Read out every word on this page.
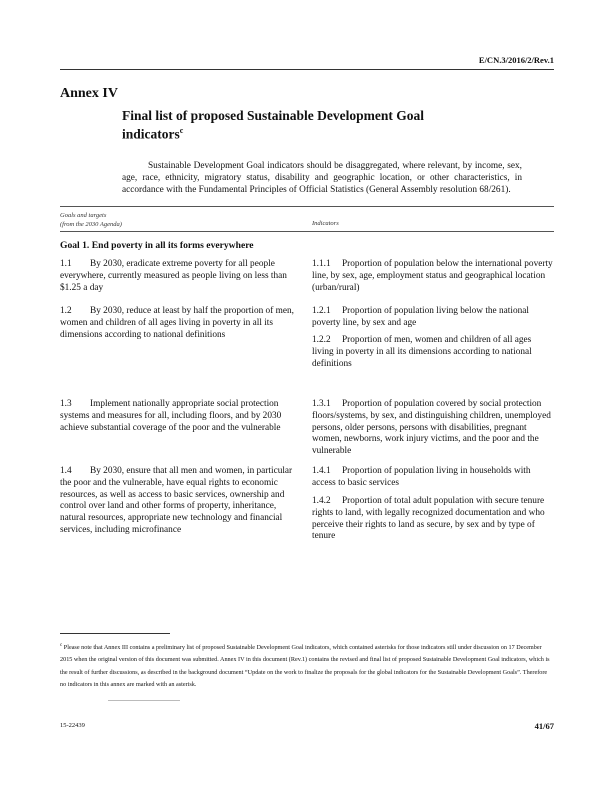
E/CN.3/2016/2/Rev.1
Annex IV
Final list of proposed Sustainable Development Goal indicators$^c$
Sustainable Development Goal indicators should be disaggregated, where relevant, by income, sex, age, race, ethnicity, migratory status, disability and geographic location, or other characteristics, in accordance with the Fundamental Principles of Official Statistics (General Assembly resolution 68/261).
Goals and targets
(from the 2030 Agenda)	Indicators
Goal 1. End poverty in all its forms everywhere
1.1 By 2030, eradicate extreme poverty for all people everywhere, currently measured as people living on less than $1.25 a day
1.2 By 2030, reduce at least by half the proportion of men, women and children of all ages living in poverty in all its dimensions according to national definitions
1.3 Implement nationally appropriate social protection systems and measures for all, including floors, and by 2030 achieve substantial coverage of the poor and the vulnerable
1.4 By 2030, ensure that all men and women, in particular the poor and the vulnerable, have equal rights to economic resources, as well as access to basic services, ownership and control over land and other forms of property, inheritance, natural resources, appropriate new technology and financial services, including microfinance
1.1.1 Proportion of population below the international poverty line, by sex, age, employment status and geographical location (urban/rural)
1.2.1 Proportion of population living below the national poverty line, by sex and age
1.2.2 Proportion of men, women and children of all ages living in poverty in all its dimensions according to national definitions
1.3.1 Proportion of population covered by social protection floors/systems, by sex, and distinguishing children, unemployed persons, older persons, persons with disabilities, pregnant women, newborns, work injury victims, and the poor and the vulnerable
1.4.1 Proportion of population living in households with access to basic services
1.4.2 Proportion of total adult population with secure tenure rights to land, with legally recognized documentation and who perceive their rights to land as secure, by sex and by type of tenure
$^c$ Please note that Annex III contains a preliminary list of proposed Sustainable Development Goal indicators, which contained asterisks for those indicators still under discussion on 17 December 2015 when the original version of this document was submitted. Annex IV in this document (Rev.1) contains the revised and final list of proposed Sustainable Development Goal indicators, which is the result of further discussions, as described in the background document “Update on the work to finalize the proposals for the global indicators for the Sustainable Development Goals”. Therefore no indicators in this annex are marked with an asterisk.
15-22439	41/67
